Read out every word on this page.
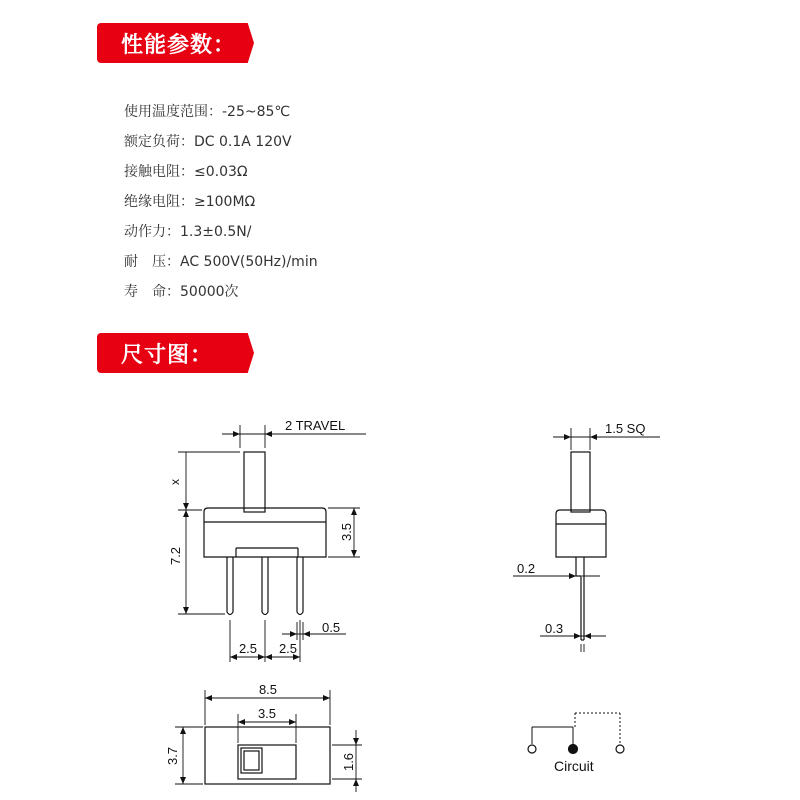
性能参数：
使用温度范围：-25~85℃
额定负荷：DC 0.1A 120V
接触电阻：≤0.03Ω
绝缘电阻：≥100MΩ
动作力：1.3±0.5N/
耐　压：AC 500V(50Hz)/min
寿　命：50000次
尺寸图：
2 TRAVEL
x
7.2
3.5
2.5 2.5
0.5
1.5 SQ
0.2
0.3
8.5
3.5
3.7	1.6	Circuit
